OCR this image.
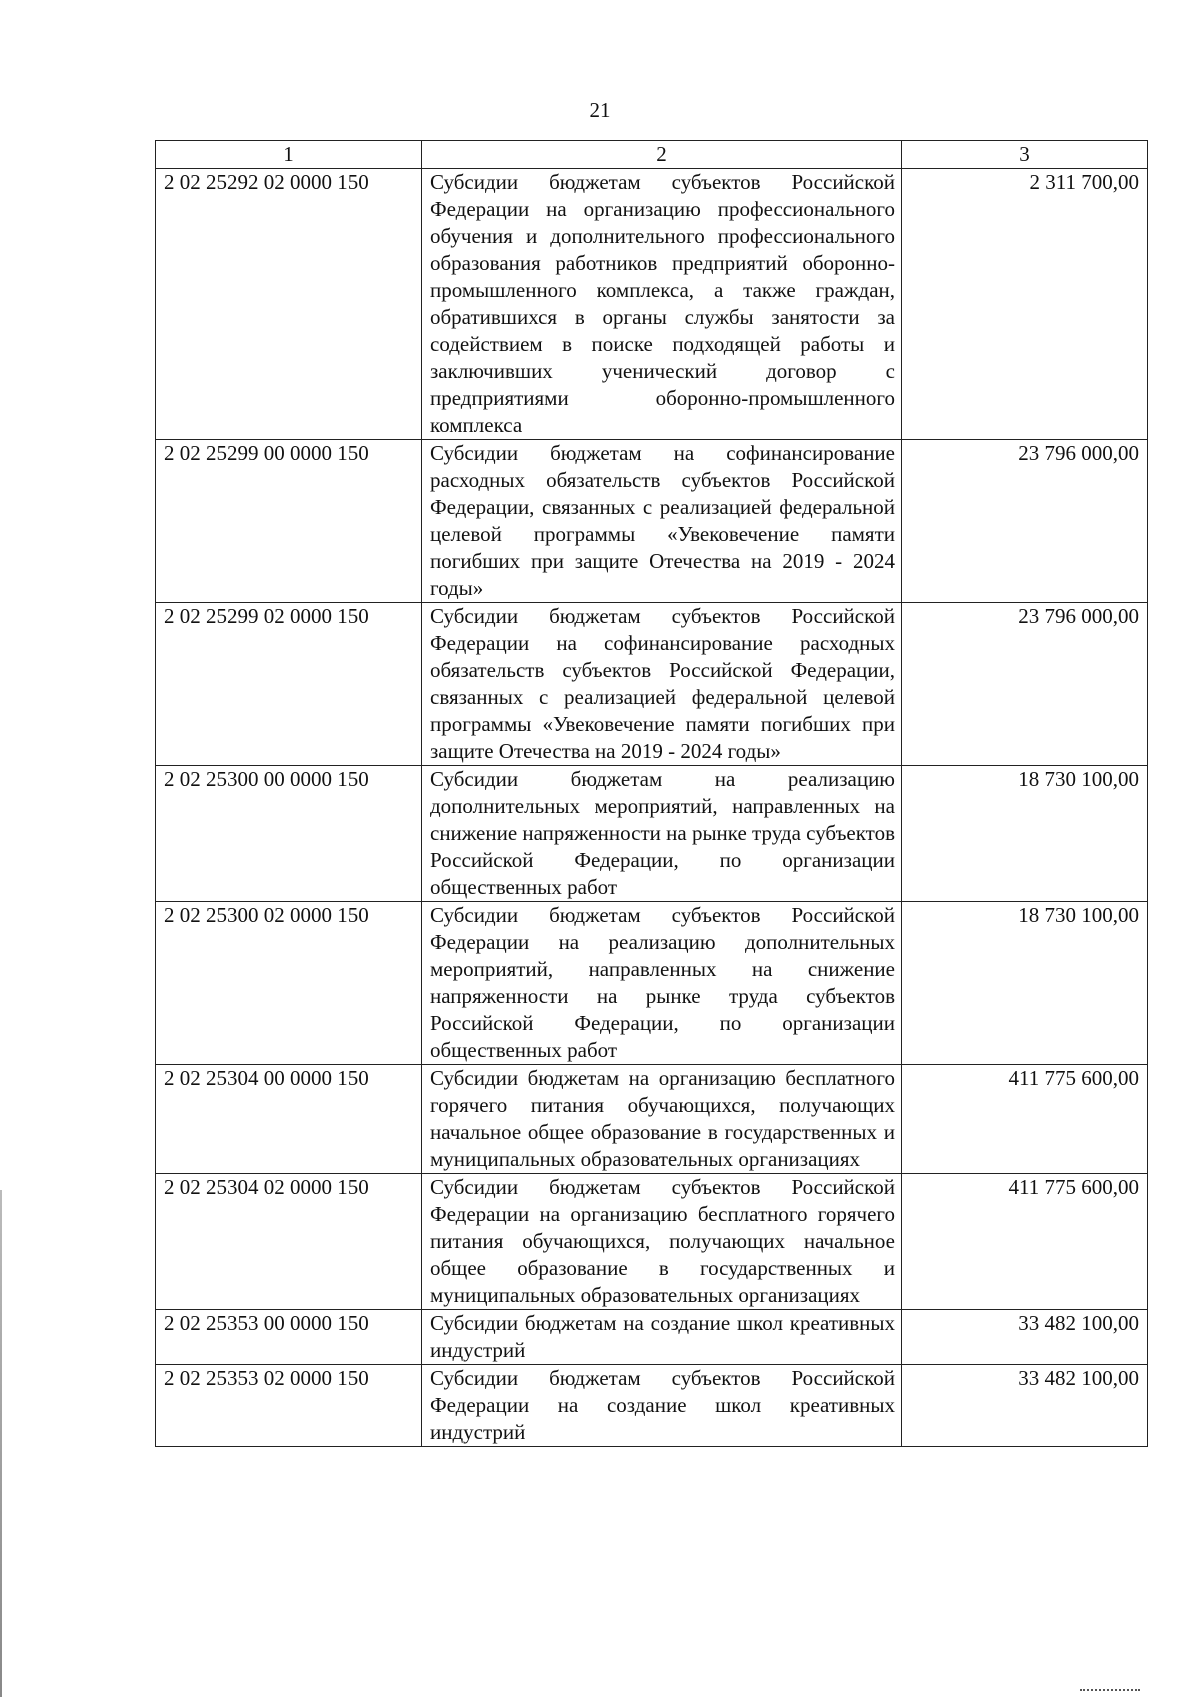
21
1	2	3
2 02 25292 02 0000 150	Субсидии бюджетам субъектов Российской Федерации на организацию профессионального обучения и дополнительного профессионального образования работников предприятий оборонно-промышленного комплекса, а также граждан, обратившихся в органы службы занятости за содействием в поиске подходящей работы и заключивших ученический договор с предприятиями оборонно-промышленного комплекса	2 311 700,00
2 02 25299 00 0000 150	Субсидии бюджетам на софинансирование расходных обязательств субъектов Российской Федерации, связанных с реализацией федеральной целевой программы «Увековечение памяти погибших при защите Отечества на 2019 - 2024 годы»	23 796 000,00
2 02 25299 02 0000 150	Субсидии бюджетам субъектов Российской Федерации на софинансирование расходных обязательств субъектов Российской Федерации, связанных с реализацией федеральной целевой программы «Увековечение памяти погибших при защите Отечества на 2019 - 2024 годы»	23 796 000,00
2 02 25300 00 0000 150	Субсидии бюджетам на реализацию дополнительных мероприятий, направленных на снижение напряженности на рынке труда субъектов Российской Федерации, по организации общественных работ	18 730 100,00
2 02 25300 02 0000 150	Субсидии бюджетам субъектов Российской Федерации на реализацию дополнительных мероприятий, направленных на снижение напряженности на рынке труда субъектов Российской Федерации, по организации общественных работ	18 730 100,00
2 02 25304 00 0000 150	Субсидии бюджетам на организацию бесплатного горячего питания обучающихся, получающих начальное общее образование в государственных и муниципальных образовательных организациях	411 775 600,00
2 02 25304 02 0000 150	Субсидии бюджетам субъектов Российской Федерации на организацию бесплатного горячего питания обучающихся, получающих начальное общее образование в государственных и муниципальных образовательных организациях	411 775 600,00
2 02 25353 00 0000 150	Субсидии бюджетам на создание школ креативных индустрий	33 482 100,00
2 02 25353 02 0000 150	Субсидии бюджетам субъектов Российской Федерации на создание школ креативных индустрий	33 482 100,00
